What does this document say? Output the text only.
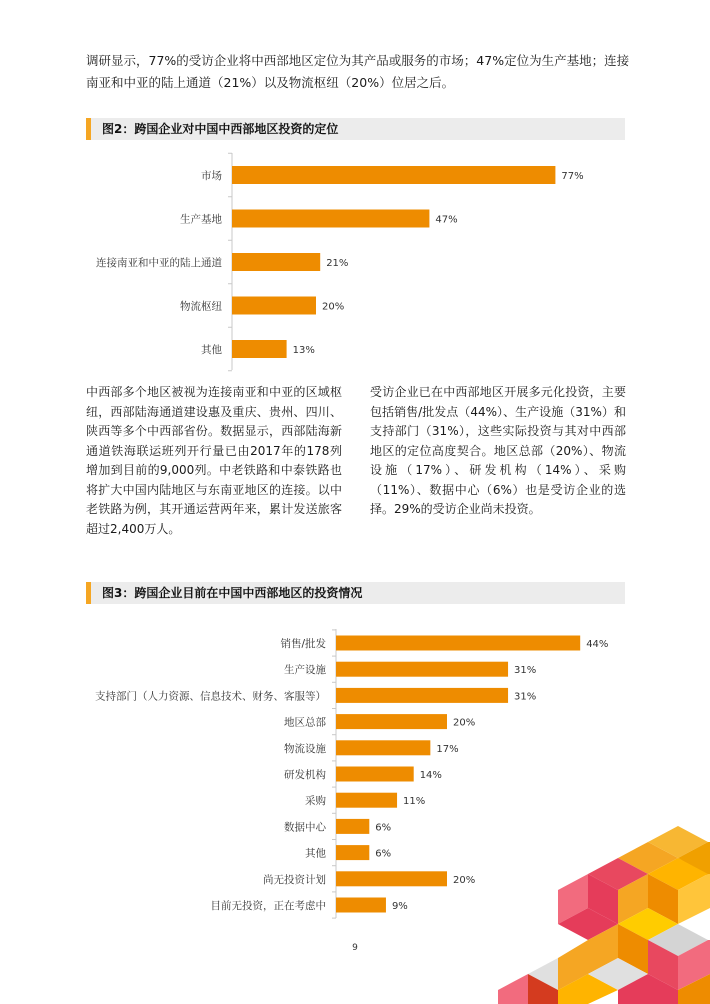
调研显示，77%的受访企业将中西部地区定位为其产品或服务的市场；47%定位为生产基地；连接南亚和中亚的陆上通道（21%）以及物流枢纽（20%）位居之后。

图2：跨国企业对中国中西部地区投资的定位
市场	77%
生产基地	47%
连接南亚和中亚的陆上通道	21%
物流枢纽	20%
其他	13%

中西部多个地区被视为连接南亚和中亚的区域枢纽，西部陆海通道建设惠及重庆、贵州、四川、陕西等多个中西部省份。数据显示，西部陆海新通道铁海联运班列开行量已由2017年的178列增加到目前的9,000列。中老铁路和中泰铁路也将扩大中国内陆地区与东南亚地区的连接。以中老铁路为例，其开通运营两年来，累计发送旅客超过2,400万人。

受访企业已在中西部地区开展多元化投资，主要包括销售/批发点（44%）、生产设施（31%）和支持部门（31%），这些实际投资与其对中西部地区的定位高度契合。地区总部（20%）、物流设施（17%）、研发机构（14%）、采购（11%）、数据中心（6%）也是受访企业的选择。29%的受访企业尚未投资。

图3：跨国企业目前在中国中西部地区的投资情况
销售/批发	44%
生产设施	31%
支持部门（人力资源、信息技术、财务、客服等）	31%
地区总部	20%
物流设施	17%
研发机构	14%
采购	11%
数据中心	6%
其他	6%
尚无投资计划	20%
目前无投资，正在考虑中	9%
9
